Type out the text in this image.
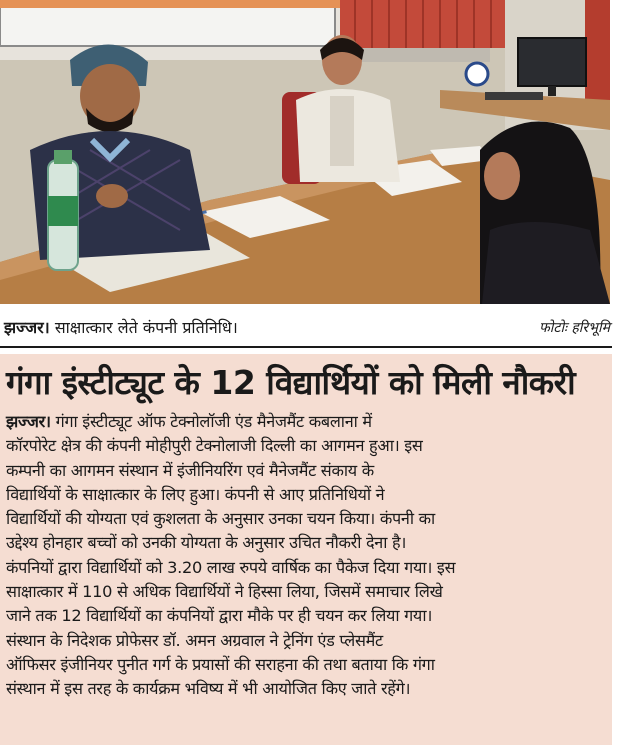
झज्जर। साक्षात्कार लेते कंपनी प्रतिनिधि।	फोटोः हरिभूमि
गंगा इंस्टीट्यूट के 12 विद्यार्थियों को मिली नौकरी
झज्जर। गंगा इंस्टीट्यूट ऑफ टेक्नोलॉजी एंड मैनेजमैंट कबलाना में
कॉरपोरेट क्षेत्र की कंपनी मोहीपुरी टेक्नोलाजी दिल्ली का आगमन हुआ। इस
कम्पनी का आगमन संस्थान में इंजीनियरिंग एवं मैनेजमैंट संकाय के
विद्यार्थियों के साक्षात्कार के लिए हुआ। कंपनी से आए प्रतिनिधियों ने
विद्यार्थियों की योग्यता एवं कुशलता के अनुसार उनका चयन किया। कंपनी का
उद्देश्य होनहार बच्चों को उनकी योग्यता के अनुसार उचित नौकरी देना है।
कंपनियों द्वारा विद्यार्थियों को 3.20 लाख रुपये वार्षिक का पैकेज दिया गया। इस
साक्षात्कार में 110 से अधिक विद्यार्थियों ने हिस्सा लिया, जिसमें समाचार लिखे
जाने तक 12 विद्यार्थियों का कंपनियों द्वारा मौके पर ही चयन कर लिया गया।
संस्थान के निदेशक प्रोफेसर डॉ. अमन अग्रवाल ने ट्रेनिंग एंड प्लेसमैंट
ऑफिसर इंजीनियर पुनीत गर्ग के प्रयासों की सराहना की तथा बताया कि गंगा
संस्थान में इस तरह के कार्यक्रम भविष्य में भी आयोजित किए जाते रहेंगे।
